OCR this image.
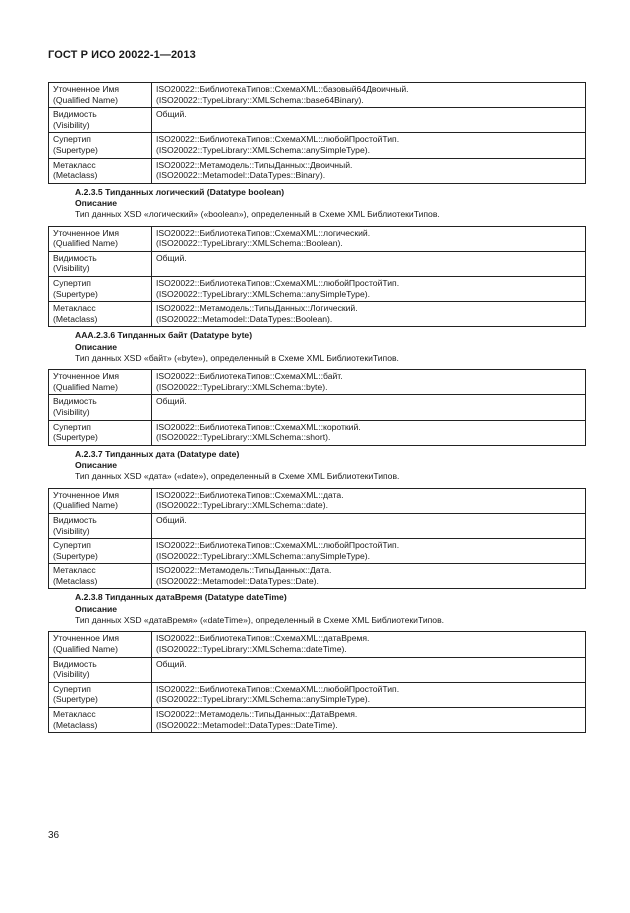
ГОСТ Р ИСО 20022-1—2013
Уточненное Имя
(Qualified Name)	ISO20022::БиблиотекаТипов::СхемаXML::базовый64Двоичный.
(ISO20022::TypeLibrary::XMLSchema::base64Binary).

Видимость
(Visibility)	Общий.

Супертип
(Supertype)	ISO20022::БиблиотекаТипов::СхемаXML::любойПростойТип.
(ISO20022::TypeLibrary::XMLSchema::anySimpleType).

Метакласс
(Metaclass)	ISO20022::Метамодель::ТипыДанных::Двоичный.
(ISO20022::Metamodel::DataTypes::Binary).
A.2.3.5 Типданных логический (Datatype boolean)
Описание
Тип данных XSD «логический» («boolean»), определенный в Схеме XML БиблиотекиТипов.
Уточненное Имя
(Qualified Name)	ISO20022::БиблиотекаТипов::СхемаXML::логический.
(ISO20022::TypeLibrary::XMLSchema::Boolean).

Видимость
(Visibility)	Общий.

Супертип
(Supertype)	ISO20022::БиблиотекаТипов::СхемаXML::любойПростойТип.
(ISO20022::TypeLibrary::XMLSchema::anySimpleType).

Метакласс
(Metaclass)	ISO20022::Метамодель::ТипыДанных::Логический.
(ISO20022::Metamodel::DataTypes::Boolean).
AAA.2.3.6 Типданных байт (Datatype byte)
Описание
Тип данных XSD «байт» («byte»), определенный в Схеме XML БиблиотекиТипов.
Уточненное Имя
(Qualified Name)	ISO20022::БиблиотекаТипов::СхемаXML::байт.
(ISO20022::TypeLibrary::XMLSchema::byte).

Видимость
(Visibility)	Общий.

Супертип
(Supertype)	ISO20022::БиблиотекаТипов::СхемаXML::короткий.
(ISO20022::TypeLibrary::XMLSchema::short).
A.2.3.7 Типданных дата (Datatype date)
Описание
Тип данных XSD «дата» («date»), определенный в Схеме XML БиблиотекиТипов.
Уточненное Имя
(Qualified Name)	ISO20022::БиблиотекаТипов::СхемаXML::дата.
(ISO20022::TypeLibrary::XMLSchema::date).

Видимость
(Visibility)	Общий.

Супертип
(Supertype)	ISO20022::БиблиотекаТипов::СхемаXML::любойПростойТип.
(ISO20022::TypeLibrary::XMLSchema::anySimpleType).

Метакласс
(Metaclass)	ISO20022::Метамодель::ТипыДанных::Дата.
(ISO20022::Metamodel::DataTypes::Date).
A.2.3.8 Типданных датаВремя (Datatype dateTime)
Описание
Тип данных XSD «датаВремя» («dateTime»), определенный в Схеме XML БиблиотекиТипов.
Уточненное Имя
(Qualified Name)	ISO20022::БиблиотекаТипов::СхемаXML::датаВремя.
(ISO20022::TypeLibrary::XMLSchema::dateTime).

Видимость
(Visibility)	Общий.

Супертип
(Supertype)	ISO20022::БиблиотекаТипов::СхемаXML::любойПростойТип.
(ISO20022::TypeLibrary::XMLSchema::anySimpleType).

Метакласс
(Metaclass)	ISO20022::Метамодель::ТипыДанных::ДатаВремя.
(ISO20022::Metamodel::DataTypes::DateTime).
36
